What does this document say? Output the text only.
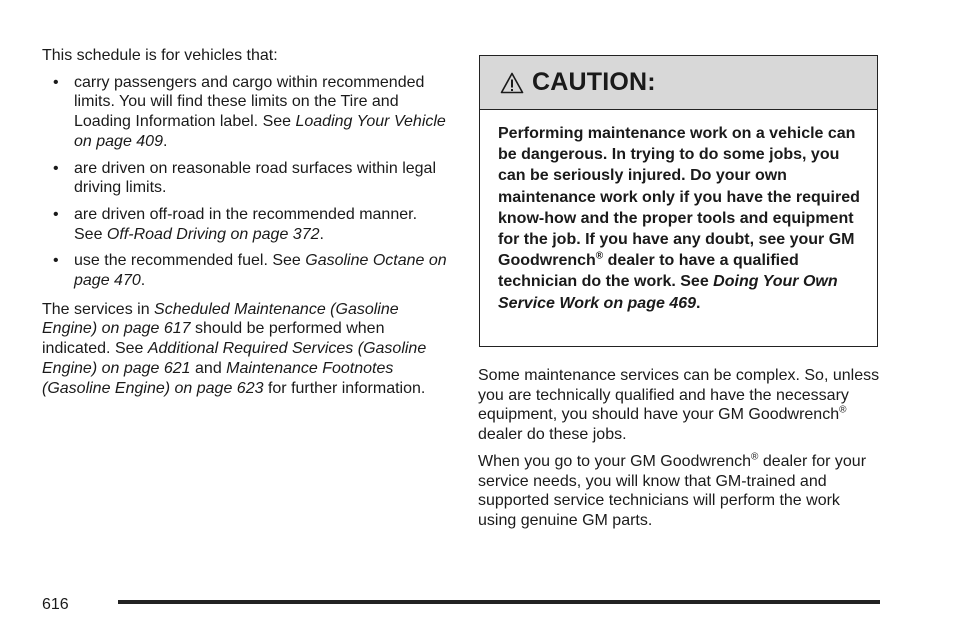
This schedule is for vehicles that:

• carry passengers and cargo within recommended limits. You will find these limits on the Tire and Loading Information label. See Loading Your Vehicle on page 409.
• are driven on reasonable road surfaces within legal driving limits.
• are driven off-road in the recommended manner. See Off-Road Driving on page 372.
• use the recommended fuel. See Gasoline Octane on page 470.

The services in Scheduled Maintenance (Gasoline Engine) on page 617 should be performed when indicated. See Additional Required Services (Gasoline Engine) on page 621 and Maintenance Footnotes (Gasoline Engine) on page 623 for further information.

CAUTION:

Performing maintenance work on a vehicle can be dangerous. In trying to do some jobs, you can be seriously injured. Do your own maintenance work only if you have the required know-how and the proper tools and equipment for the job. If you have any doubt, see your GM Goodwrench® dealer to have a qualified technician do the work. See Doing Your Own Service Work on page 469.

Some maintenance services can be complex. So, unless you are technically qualified and have the necessary equipment, you should have your GM Goodwrench® dealer do these jobs.

When you go to your GM Goodwrench® dealer for your service needs, you will know that GM-trained and supported service technicians will perform the work using genuine GM parts.

616
